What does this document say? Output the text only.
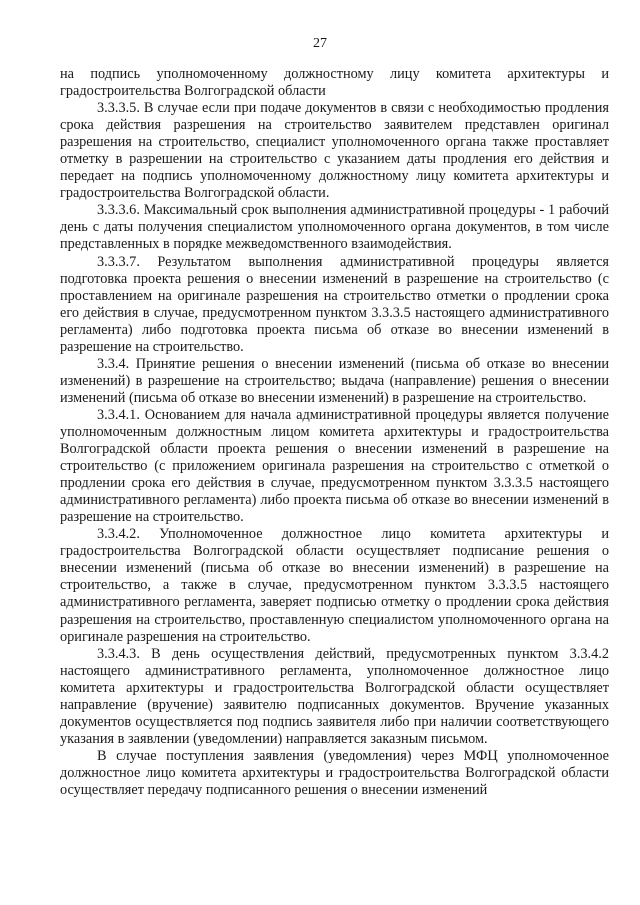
27

на подпись уполномоченному должностному лицу комитета архитектуры и градостроительства Волгоградской области

3.3.3.5. В случае если при подаче документов в связи с необходимостью продления срока действия разрешения на строительство заявителем представлен оригинал разрешения на строительство, специалист уполномоченного органа также проставляет отметку в разрешении на строительство с указанием даты продления его действия и передает на подпись уполномоченному должностному лицу комитета архитектуры и градостроительства Волгоградской области.

3.3.3.6. Максимальный срок выполнения административной процедуры - 1 рабочий день с даты получения специалистом уполномоченного органа документов, в том числе представленных в порядке межведомственного взаимодействия.

3.3.3.7. Результатом выполнения административной процедуры является подготовка проекта решения о внесении изменений в разрешение на строительство (с проставлением на оригинале разрешения на строительство отметки о продлении срока его действия в случае, предусмотренном пунктом 3.3.3.5 настоящего административного регламента) либо подготовка проекта письма об отказе во внесении изменений в разрешение на строительство.

3.3.4. Принятие решения о внесении изменений (письма об отказе во внесении изменений) в разрешение на строительство; выдача (направление) решения о внесении изменений (письма об отказе во внесении изменений) в разрешение на строительство.

3.3.4.1. Основанием для начала административной процедуры является получение уполномоченным должностным лицом комитета архитектуры и градостроительства Волгоградской области проекта решения о внесении изменений в разрешение на строительство (с приложением оригинала разрешения на строительство с отметкой о продлении срока его действия в случае, предусмотренном пунктом 3.3.3.5 настоящего административного регламента) либо проекта письма об отказе во внесении изменений в разрешение на строительство.

3.3.4.2. Уполномоченное должностное лицо комитета архитектуры и градостроительства Волгоградской области осуществляет подписание решения о внесении изменений (письма об отказе во внесении изменений) в разрешение на строительство, а также в случае, предусмотренном пунктом 3.3.3.5 настоящего административного регламента, заверяет подписью отметку о продлении срока действия разрешения на строительство, проставленную специалистом уполномоченного органа на оригинале разрешения на строительство.

3.3.4.3. В день осуществления действий, предусмотренных пунктом 3.3.4.2 настоящего административного регламента, уполномоченное должностное лицо комитета архитектуры и градостроительства Волгоградской области осуществляет направление (вручение) заявителю подписанных документов. Вручение указанных документов осуществляется под подпись заявителя либо при наличии соответствующего указания в заявлении (уведомлении) направляется заказным письмом.

В случае поступления заявления (уведомления) через МФЦ уполномоченное должностное лицо комитета архитектуры и градостроительства Волгоградской области осуществляет передачу подписанного решения о внесении изменений
